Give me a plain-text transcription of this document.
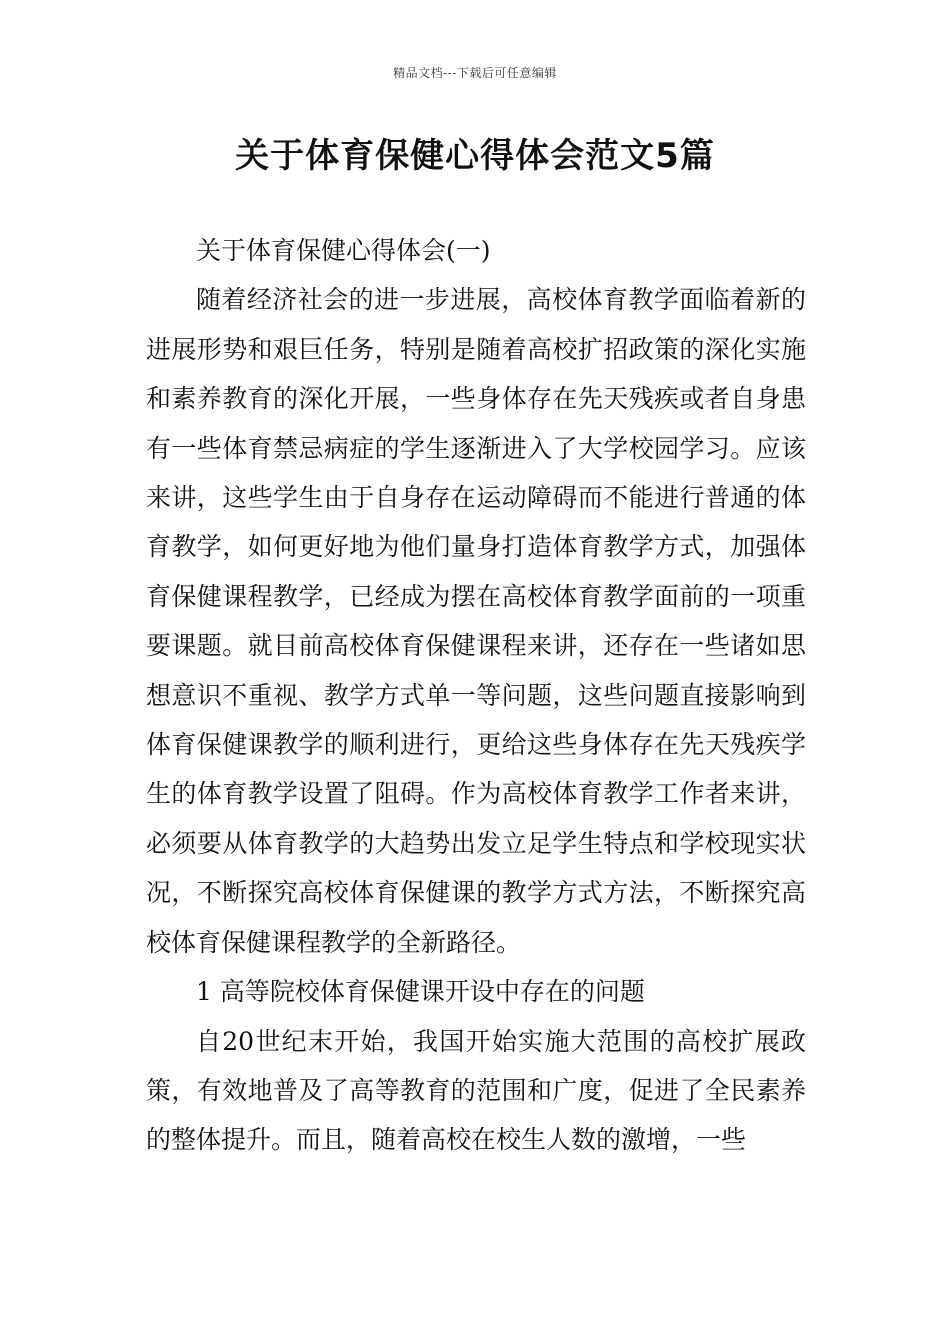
精品文档---下载后可任意编辑
关于体育保健心得体会范文5篇

关于体育保健心得体会(一)

随着经济社会的进一步进展，高校体育教学面临着新的进展形势和艰巨任务，特别是随着高校扩招政策的深化实施和素养教育的深化开展，一些身体存在先天残疾或者自身患有一些体育禁忌病症的学生逐渐进入了大学校园学习。应该来讲，这些学生由于自身存在运动障碍而不能进行普通的体育教学，如何更好地为他们量身打造体育教学方式，加强体育保健课程教学，已经成为摆在高校体育教学面前的一项重要课题。就目前高校体育保健课程来讲，还存在一些诸如思想意识不重视、教学方式单一等问题，这些问题直接影响到体育保健课教学的顺利进行，更给这些身体存在先天残疾学生的体育教学设置了阻碍。作为高校体育教学工作者来讲，必须要从体育教学的大趋势出发立足学生特点和学校现实状况，不断探究高校体育保健课的教学方式方法，不断探究高校体育保健课程教学的全新路径。

1 高等院校体育保健课开设中存在的问题

自20世纪末开始，我国开始实施大范围的高校扩展政策，有效地普及了高等教育的范围和广度，促进了全民素养的整体提升。而且，随着高校在校生人数的激增，一些
